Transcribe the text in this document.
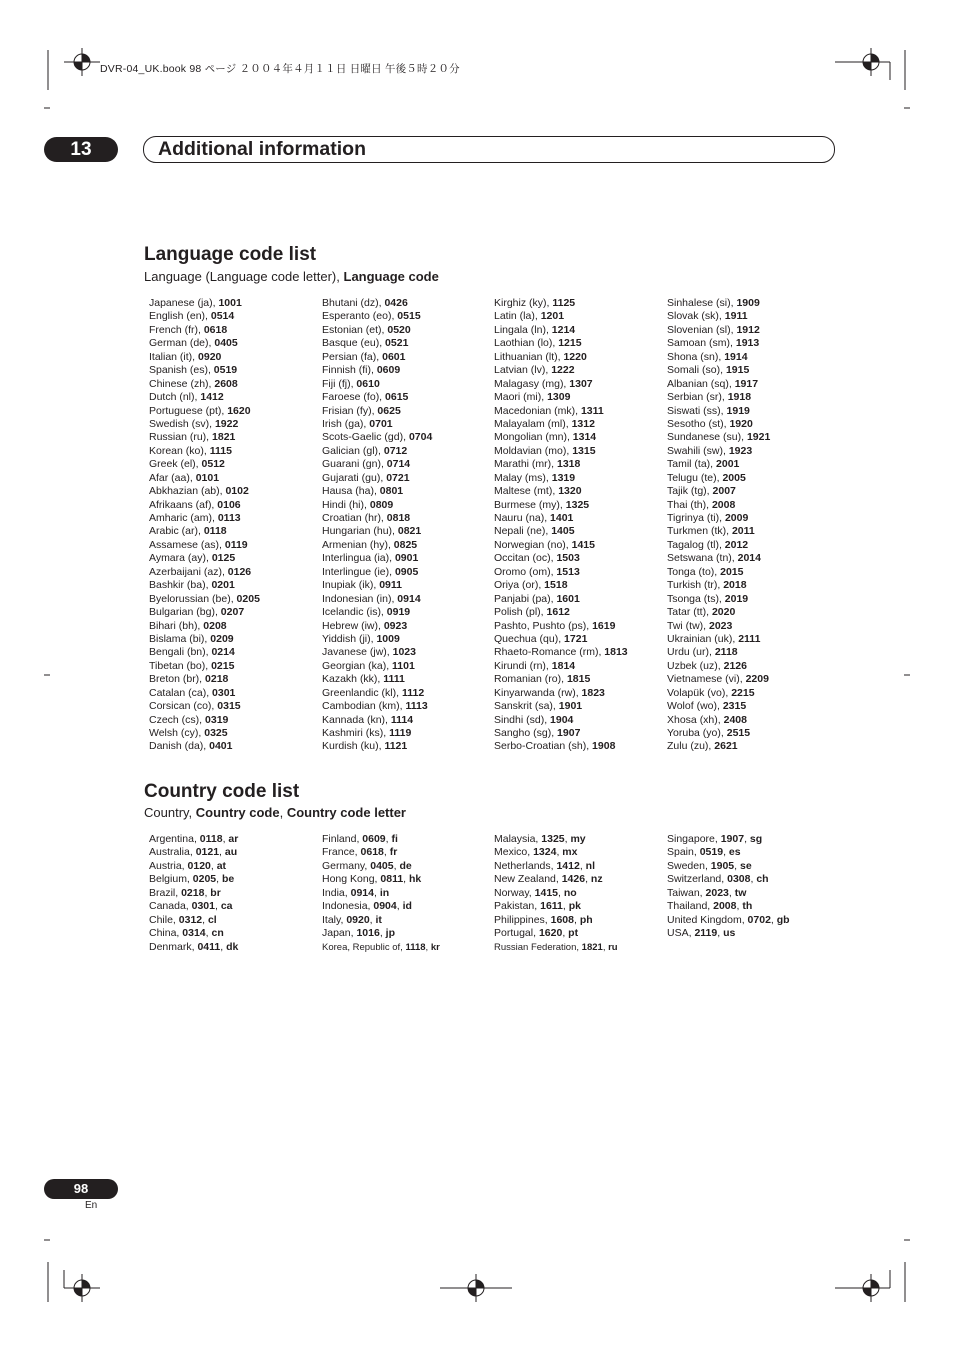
DVR-04_UK.book 98 ページ ２００４年４月１１日 日曜日 午後５時２０分
13	Additional information
Language code list
Language (Language code letter), Language code
Japanese (ja), 1001
English (en), 0514
French (fr), 0618
German (de), 0405
Italian (it), 0920
Spanish (es), 0519
Chinese (zh), 2608
Dutch (nl), 1412
Portuguese (pt), 1620
Swedish (sv), 1922
Russian (ru), 1821
Korean (ko), 1115
Greek (el), 0512
Afar (aa), 0101
Abkhazian (ab), 0102
Afrikaans (af), 0106
Amharic (am), 0113
Arabic (ar), 0118
Assamese (as), 0119
Aymara (ay), 0125
Azerbaijani (az), 0126
Bashkir (ba), 0201
Byelorussian (be), 0205
Bulgarian (bg), 0207
Bihari (bh), 0208
Bislama (bi), 0209
Bengali (bn), 0214
Tibetan (bo), 0215
Breton (br), 0218
Catalan (ca), 0301
Corsican (co), 0315
Czech (cs), 0319
Welsh (cy), 0325
Danish (da), 0401
Bhutani (dz), 0426
Esperanto (eo), 0515
Estonian (et), 0520
Basque (eu), 0521
Persian (fa), 0601
Finnish (fi), 0609
Fiji (fj), 0610
Faroese (fo), 0615
Frisian (fy), 0625
Irish (ga), 0701
Scots-Gaelic (gd), 0704
Galician (gl), 0712
Guarani (gn), 0714
Gujarati (gu), 0721
Hausa (ha), 0801
Hindi (hi), 0809
Croatian (hr), 0818
Hungarian (hu), 0821
Armenian (hy), 0825
Interlingua (ia), 0901
Interlingue (ie), 0905
Inupiak (ik), 0911
Indonesian (in), 0914
Icelandic (is), 0919
Hebrew (iw), 0923
Yiddish (ji), 1009
Javanese (jw), 1023
Georgian (ka), 1101
Kazakh (kk), 1111
Greenlandic (kl), 1112
Cambodian (km), 1113
Kannada (kn), 1114
Kashmiri (ks), 1119
Kurdish (ku), 1121
Kirghiz (ky), 1125
Latin (la), 1201
Lingala (ln), 1214
Laothian (lo), 1215
Lithuanian (lt), 1220
Latvian (lv), 1222
Malagasy (mg), 1307
Maori (mi), 1309
Macedonian (mk), 1311
Malayalam (ml), 1312
Mongolian (mn), 1314
Moldavian (mo), 1315
Marathi (mr), 1318
Malay (ms), 1319
Maltese (mt), 1320
Burmese (my), 1325
Nauru (na), 1401
Nepali (ne), 1405
Norwegian (no), 1415
Occitan (oc), 1503
Oromo (om), 1513
Oriya (or), 1518
Panjabi (pa), 1601
Polish (pl), 1612
Pashto, Pushto (ps), 1619
Quechua (qu), 1721
Rhaeto-Romance (rm), 1813
Kirundi (rn), 1814
Romanian (ro), 1815
Kinyarwanda (rw), 1823
Sanskrit (sa), 1901
Sindhi (sd), 1904
Sangho (sg), 1907
Serbo-Croatian (sh), 1908
Sinhalese (si), 1909
Slovak (sk), 1911
Slovenian (sl), 1912
Samoan (sm), 1913
Shona (sn), 1914
Somali (so), 1915
Albanian (sq), 1917
Serbian (sr), 1918
Siswati (ss), 1919
Sesotho (st), 1920
Sundanese (su), 1921
Swahili (sw), 1923
Tamil (ta), 2001
Telugu (te), 2005
Tajik (tg), 2007
Thai (th), 2008
Tigrinya (ti), 2009
Turkmen (tk), 2011
Tagalog (tl), 2012
Setswana (tn), 2014
Tonga (to), 2015
Turkish (tr), 2018
Tsonga (ts), 2019
Tatar (tt), 2020
Twi (tw), 2023
Ukrainian (uk), 2111
Urdu (ur), 2118
Uzbek (uz), 2126
Vietnamese (vi), 2209
Volapük (vo), 2215
Wolof (wo), 2315
Xhosa (xh), 2408
Yoruba (yo), 2515
Zulu (zu), 2621
Country code list
Country, Country code, Country code letter
Argentina, 0118, ar
Australia, 0121, au
Austria, 0120, at
Belgium, 0205, be
Brazil, 0218, br
Canada, 0301, ca
Chile, 0312, cl
China, 0314, cn
Denmark, 0411, dk
Finland, 0609, fi
France, 0618, fr
Germany, 0405, de
Hong Kong, 0811, hk
India, 0914, in
Indonesia, 0904, id
Italy, 0920, it
Japan, 1016, jp
Korea, Republic of, 1118, kr
Malaysia, 1325, my
Mexico, 1324, mx
Netherlands, 1412, nl
New Zealand, 1426, nz
Norway, 1415, no
Pakistan, 1611, pk
Philippines, 1608, ph
Portugal, 1620, pt
Russian Federation, 1821, ru
Singapore, 1907, sg
Spain, 0519, es
Sweden, 1905, se
Switzerland, 0308, ch
Taiwan, 2023, tw
Thailand, 2008, th
United Kingdom, 0702, gb
USA, 2119, us
98
En
